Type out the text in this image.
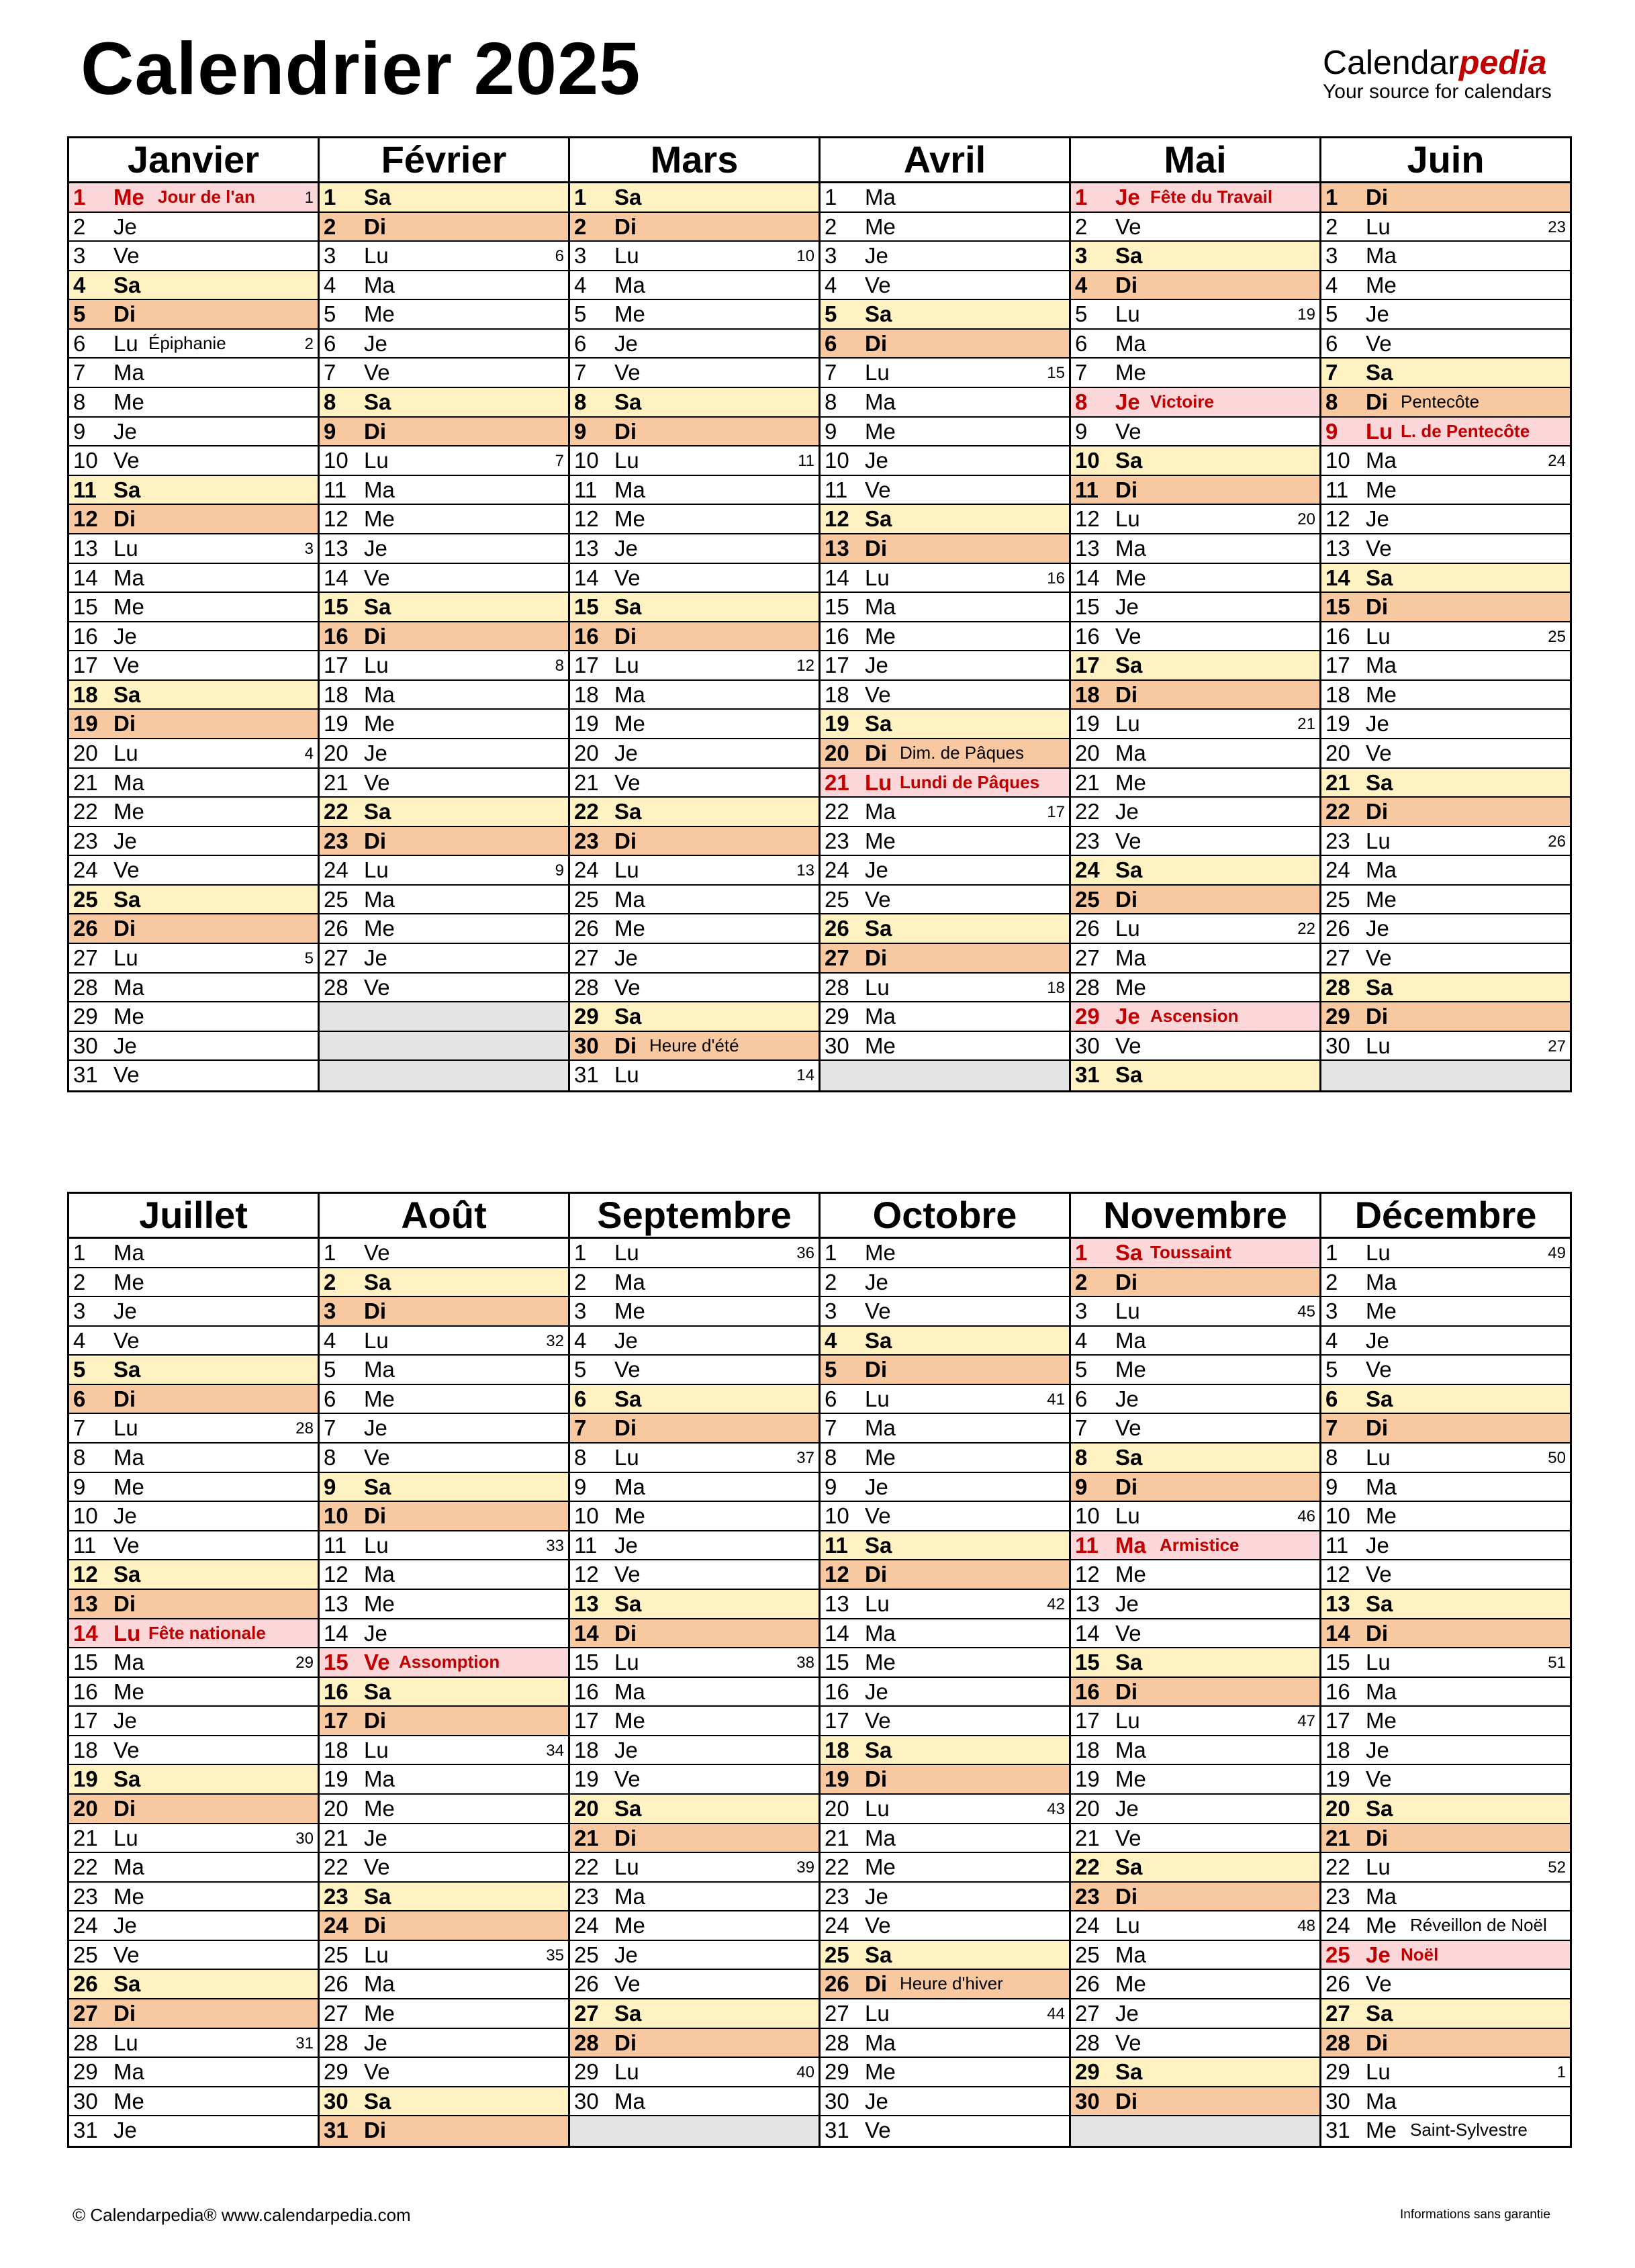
Calendrier 2025	Calendarpedia
Your source for calendars
Janvier
1	Me Jour de l'an	1
2	Je
3	Ve
4	Sa
5	Di
6	Lu Épiphanie	2
7	Ma
8	Me
9	Je
10 Ve
11 Sa
12 Di
13 Lu	3
14 Ma
15 Me
16 Je
17 Ve
18 Sa
19 Di
20 Lu	4
21 Ma
22 Me
23 Je
24 Ve
25 Sa
26 Di
27 Lu	5
28 Ma
29 Me
30 Je
31 Ve
Février
1	Sa
2	Di
3	Lu	6
4	Ma
5	Me
6	Je
7	Ve
8	Sa
9	Di
10 Lu	7
11 Ma
12 Me
13 Je
14 Ve
15 Sa
16 Di
17 Lu	8
18 Ma
19 Me
20 Je
21 Ve
22 Sa
23 Di
24 Lu	9
25 Ma
26 Me
27 Je
28 Ve
Mars
1	Sa
2	Di
3	Lu	10
4	Ma
5	Me
6	Je
7	Ve
8	Sa
9	Di
10 Lu	11
11 Ma
12 Me
13 Je
14 Ve
15 Sa
16 Di
17 Lu	12
18 Ma
19 Me
20 Je
21 Ve
22 Sa
23 Di
24 Lu	13
25 Ma
26 Me
27 Je
28 Ve
29 Sa
30 Di Heure d'été
31 Lu	14
Avril
1	Ma
2	Me
3	Je
4	Ve
5	Sa
6	Di
7	Lu	15
8	Ma
9	Me
10 Je
11 Ve
12 Sa
13 Di
14 Lu	16
15 Ma
16 Me
17 Je
18 Ve
19 Sa
20 Di Dim. de Pâques
21 Lu Lundi de Pâques
22 Ma	17
23 Me
24 Je
25 Ve
26 Sa
27 Di
28 Lu	18
29 Ma
30 Me
Mai
1	Je Fête du Travail
2	Ve
3	Sa
4	Di
5	Lu	19
6	Ma
7	Me
8	Je Victoire
9	Ve
10 Sa
11 Di
12 Lu	20
13 Ma
14 Me
15 Je
16 Ve
17 Sa
18 Di
19 Lu	21
20 Ma
21 Me
22 Je
23 Ve
24 Sa
25 Di
26 Lu	22
27 Ma
28 Me
29 Je Ascension
30 Ve
31 Sa
Juin
1	Di
2	Lu	23
3	Ma
4	Me
5	Je
6	Ve
7	Sa
8	Di Pentecôte
9	Lu L. de Pentecôte
10 Ma	24
11 Me
12 Je
13 Ve
14 Sa
15 Di
16 Lu	25
17 Ma
18 Me
19 Je
20 Ve
21 Sa
22 Di
23 Lu	26
24 Ma
25 Me
26 Je
27 Ve
28 Sa
29 Di
30 Lu	27
Juillet
1	Ma
2	Me
3	Je
4	Ve
5	Sa
6	Di
7	Lu	28
8	Ma
9	Me
10 Je
11 Ve
12 Sa
13 Di
14 Lu Fête nationale
15 Ma	29
16 Me
17 Je
18 Ve
19 Sa
20 Di
21 Lu	30
22 Ma
23 Me
24 Je
25 Ve
26 Sa
27 Di
28 Lu	31
29 Ma
30 Me
31 Je
Août
1	Ve
2	Sa
3	Di
4	Lu	32
5	Ma
6	Me
7	Je
8	Ve
9	Sa
10 Di
11 Lu	33
12 Ma
13 Me
14 Je
15 Ve Assomption
16 Sa
17 Di
18 Lu	34
19 Ma
20 Me
21 Je
22 Ve
23 Sa
24 Di
25 Lu	35
26 Ma
27 Me
28 Je
29 Ve
30 Sa
31 Di
Septembre
1	Lu	36
2	Ma
3	Me
4	Je
5	Ve
6	Sa
7	Di
8	Lu	37
9	Ma
10 Me
11 Je
12 Ve
13 Sa
14 Di
15 Lu	38
16 Ma
17 Me
18 Je
19 Ve
20 Sa
21 Di
22 Lu	39
23 Ma
24 Me
25 Je
26 Ve
27 Sa
28 Di
29 Lu	40
30 Ma
Octobre
1	Me
2	Je
3	Ve
4	Sa
5	Di
6	Lu	41
7	Ma
8	Me
9	Je
10 Ve
11 Sa
12 Di
13 Lu	42
14 Ma
15 Me
16 Je
17 Ve
18 Sa
19 Di
20 Lu	43
21 Ma
22 Me
23 Je
24 Ve
25 Sa
26 Di Heure d'hiver
27 Lu	44
28 Ma
29 Me
30 Je
31 Ve
Novembre
1	Sa Toussaint
2	Di
3	Lu	45
4	Ma
5	Me
6	Je
7	Ve
8	Sa
9	Di
10 Lu	46
11 Ma Armistice
12 Me
13 Je
14 Ve
15 Sa
16 Di
17 Lu	47
18 Ma
19 Me
20 Je
21 Ve
22 Sa
23 Di
24 Lu	48
25 Ma
26 Me
27 Je
28 Ve
29 Sa
30 Di
Décembre
1	Lu	49
2	Ma
3	Me
4	Je
5	Ve
6	Sa
7	Di
8	Lu	50
9	Ma
10 Me
11 Je
12 Ve
13 Sa
14 Di
15 Lu	51
16 Ma
17 Me
18 Je
19 Ve
20 Sa
21 Di
22 Lu	52
23 Ma
24 Me Réveillon de Noël
25 Je Noël
26 Ve
27 Sa
28 Di
29 Lu	1
30 Ma
31 Me Saint-Sylvestre
© Calendarpedia® www.calendarpedia.com	Informations sans garantie
